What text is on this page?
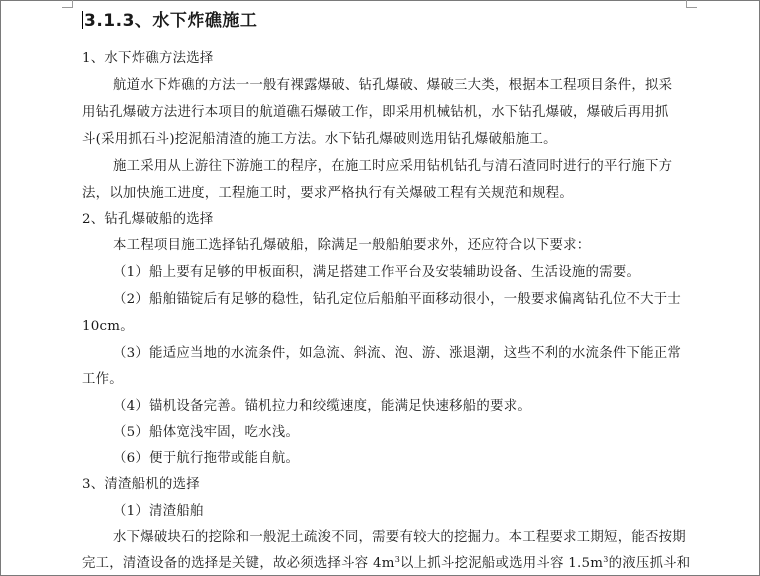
3.1.3、水下炸礁施工
1、水下炸礁方法选择
航道水下炸礁的方法一一般有裸露爆破、钻孔爆破、爆破三大类，根据本工程项目条件，拟采
用钻孔爆破方法进行本项目的航道礁石爆破工作，即采用机械钻机，水下钻孔爆破，爆破后再用抓
斗(采用抓石斗)挖泥船清渣的施工方法。水下钻孔爆破则选用钻孔爆破船施工。
施工采用从上游往下游施工的程序，在施工时应采用钻机钻孔与清石渣同时进行的平行施下方
法，以加快施工进度，工程施工时，要求严格执行有关爆破工程有关规范和规程。
2、钻孔爆破船的选择
本工程项目施工选择钻孔爆破船，除满足一般船舶要求外，还应符合以下要求：
（1）船上要有足够的甲板面积，满足搭建工作平台及安装辅助设备、生活设施的需要。
（2）船舶锚锭后有足够的稳性，钻孔定位后船舶平面移动很小，一般要求偏离钻孔位不大于士
10cm。
（3）能适应当地的水流条件，如急流、斜流、泡、游、涨退潮，这些不利的水流条件下能正常
工作。
（4）锚机设备完善。锚机拉力和绞缆速度，能满足快速移船的要求。
（5）船体宽浅牢固，吃水浅。
（6）便于航行拖带或能自航。
3、清渣船机的选择
（1）清渣船舶
水下爆破块石的挖除和一般泥土疏浚不同，需要有较大的挖掘力。本工程要求工期短，能否按期
完工，清渣设备的选择是关键，故必须选择斗容 $4m^3$以上抓斗挖泥船或选用斗容 $1.5m^3$的液压抓斗和
